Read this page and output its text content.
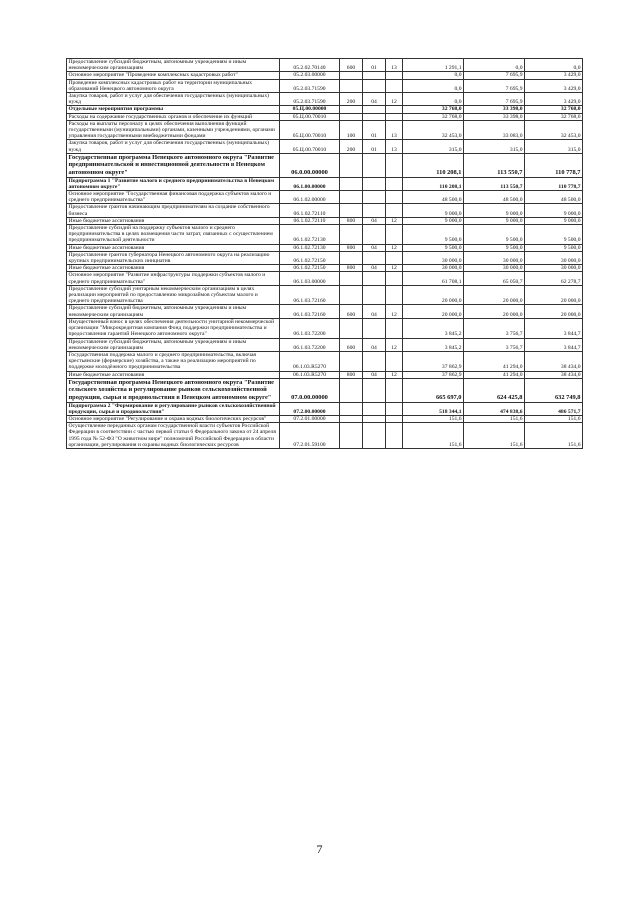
Предоставление субсидий бюджетным, автономным учреждениям и иным некоммерческим организациям	05.2.02.70140	600	01	13	1 291,1	0,0	0,0
Основное мероприятие "Проведение комплексных кадастровых работ"	05.2.03.00000				0,0	7 695,9	3 429,0
Проведение комплексных кадастровых работ на территории муниципальных образований Ненецкого автономного округа	05.2.03.71590				0,0	7 695,9	3 429,0
Закупка товаров, работ и услуг для обеспечения государственных (муниципальных) нужд	05.2.03.71590	200	04	12	0,0	7 695,9	3 429,0
Отдельные мероприятия программы	05.Ц.00.00000				32 768,0	33 398,0	32 768,0
Расходы на содержание государственных органов и обеспечение их функций	05.Ц.00.70010				32 768,0	33 398,0	32 768,0
Расходы на выплаты персоналу в целях обеспечения выполнения функций государственными (муниципальными) органами, казенными учреждениями, органами управления государственными внебюджетными фондами	05.Ц.00.70010	100	01	13	32 453,0	33 083,0	32 453,0
Закупка товаров, работ и услуг для обеспечения государственных (муниципальных) нужд	05.Ц.00.70010	200	01	13	315,0	315,0	315,0
Государственная программа Ненецкого автономного округа "Развитие предпринимательской и инвестиционной деятельности в Ненецком автономном округе"	06.0.00.00000				110 208,1	113 550,7	110 778,7
Подпрограмма 1 "Развитие малого и среднего предпринимательства в Ненецком автономном округе"	06.1.00.00000				110 208,1	113 550,7	110 778,7
Основное мероприятие "Государственная финансовая поддержка субъектов малого и среднего предпринимательства"	06.1.02.00000				48 500,0	48 500,0	48 500,0
Предоставление грантов начинающим предпринимателям на создание собственного бизнеса	06.1.02.72110				9 000,0	9 000,0	9 000,0
Иные бюджетные ассигнования	06.1.02.72110	800	04	12	9 000,0	9 000,0	9 000,0
Предоставление субсидий на поддержку субъектов малого и среднего предпринимательства в целях возмещения части затрат, связанных с осуществлением предпринимательской деятельности	06.1.02.72130				9 500,0	9 500,0	9 500,0
Иные бюджетные ассигнования	06.1.02.72130	800	04	12	9 500,0	9 500,0	9 500,0
Предоставление грантов губернатора Ненецкого автономного округа на реализацию крупных предпринимательских инициатив	06.1.02.72150				30 000,0	30 000,0	30 000,0
Иные бюджетные ассигнования	06.1.02.72150	800	04	12	30 000,0	30 000,0	30 000,0
Основное мероприятие "Развитие инфраструктуры поддержки субъектов малого и среднего предпринимательства"	06.1.03.00000				61 708,1	65 050,7	62 278,7
Предоставление субсидий унитарным некоммерческим организациям в целях реализации мероприятий по предоставлению микрозаймов субъектам малого и среднего предпринимательства	06.1.03.72160				20 000,0	20 000,0	20 000,0
Предоставление субсидий бюджетным, автономным учреждениям и иным некоммерческим организациям	06.1.03.72160	600	04	12	20 000,0	20 000,0	20 000,0
Имущественный взнос в целях обеспечения деятельности унитарной некоммерческой организации "Микрокредитная компания Фонд поддержки предпринимательства и предоставления гарантий Ненецкого автономного округа"	06.1.03.72200				3 845,2	3 756,7	3 844,7
Предоставление субсидий бюджетным, автономным учреждениям и иным некоммерческим организациям	06.1.03.72200	600	04	12	3 845,2	3 756,7	3 844,7
Государственная поддержка малого и среднего предпринимательства, включая крестьянские (фермерские) хозяйства, а также на реализацию мероприятий по поддержке молодёжного предпринимательства	06.1.03.R5270				37 862,9	41 294,0	38 434,0
Иные бюджетные ассигнования	06.1.03.R5270	800	04	12	37 862,9	41 294,0	38 434,0
Государственная программа Ненецкого автономного округа "Развитие сельского хозяйства и регулирование рынков сельскохозяйственной продукции, сырья и продовольствия в Ненецком автономном округе"	07.0.00.00000				665 697,0	624 425,8	632 749,8
Подпрограмма 2 "Формирование и регулирование рынков сельскохозяйственной продукции, сырья и продовольствия"	07.2.00.00000				518 344,1	474 838,6	486 571,7
Основное мероприятие "Регулирование и охрана водных биологических ресурсов"	07.2.01.00000				151,6	151,6	151,6
Осуществление переданных органам государственной власти субъектов Российской Федерации в соответствии с частью первой статьи 6 Федерального закона от 24 апреля 1995 года № 52-ФЗ "О животном мире" полномочий Российской Федерации в области организации, регулирования и охраны водных биологических ресурсов	07.2.01.59100				151,6	151,6	151,6
7
